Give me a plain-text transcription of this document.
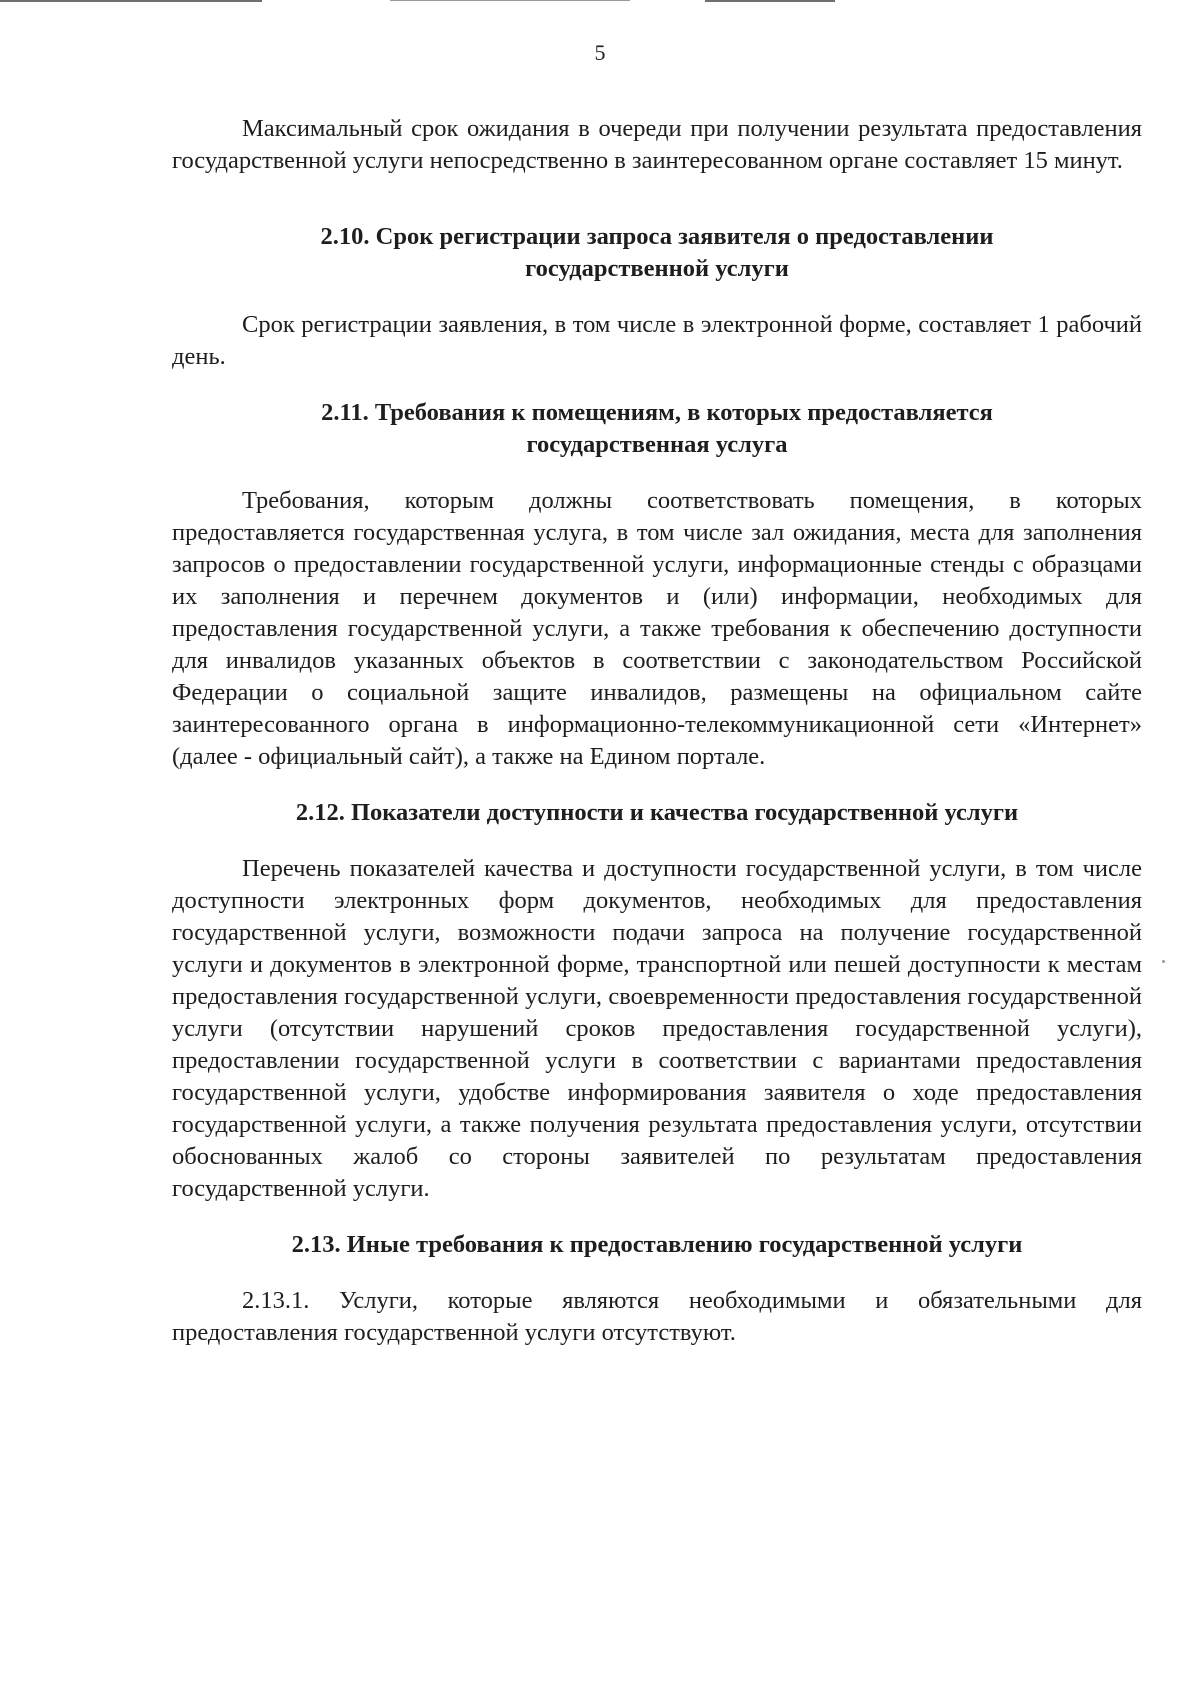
5

Максимальный срок ожидания в очереди при получении результата предоставления государственной услуги непосредственно в заинтересованном органе составляет 15 минут.

2.10. Срок регистрации запроса заявителя о предоставлении
государственной услуги

Срок регистрации заявления, в том числе в электронной форме, составляет 1 рабочий день.

2.11. Требования к помещениям, в которых предоставляется
государственная услуга

Требования, которым должны соответствовать помещения, в которых предоставляется государственная услуга, в том числе зал ожидания, места для заполнения запросов о предоставлении государственной услуги, информационные стенды с образцами их заполнения и перечнем документов и (или) информации, необходимых для предоставления государственной услуги, а также требования к обеспечению доступности для инвалидов указанных объектов в соответствии с законодательством Российской Федерации о социальной защите инвалидов, размещены на официальном сайте заинтересованного органа в информационно-телекоммуникационной сети «Интернет» (далее - официальный сайт), а также на Едином портале.

2.12. Показатели доступности и качества государственной услуги

Перечень показателей качества и доступности государственной услуги, в том числе доступности электронных форм документов, необходимых для предоставления государственной услуги, возможности подачи запроса на получение государственной услуги и документов в электронной форме, транспортной или пешей доступности к местам предоставления государственной услуги, своевременности предоставления государственной услуги (отсутствии нарушений сроков предоставления государственной услуги), предоставлении государственной услуги в соответствии с вариантами предоставления государственной услуги, удобстве информирования заявителя о ходе предоставления государственной услуги, а также получения результата предоставления услуги, отсутствии обоснованных жалоб со стороны заявителей по результатам предоставления государственной услуги.

2.13. Иные требования к предоставлению государственной услуги

2.13.1. Услуги, которые являются необходимыми и обязательными для предоставления государственной услуги отсутствуют.
